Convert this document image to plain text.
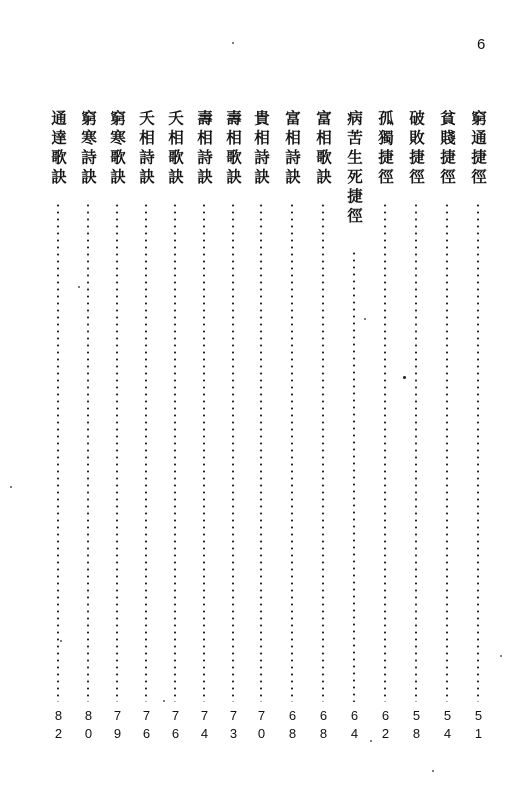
6
窮通捷徑
51
貧賤捷徑
54
破敗捷徑
58
孤獨捷徑
62
病苦生死捷徑
64
富相歌訣
68
富相詩訣
68
貴相詩訣
70
壽相歌訣
73
壽相詩訣
74
夭相歌訣
76
夭相詩訣
76
窮寒歌訣
79
窮寒詩訣
80
通達歌訣
82
